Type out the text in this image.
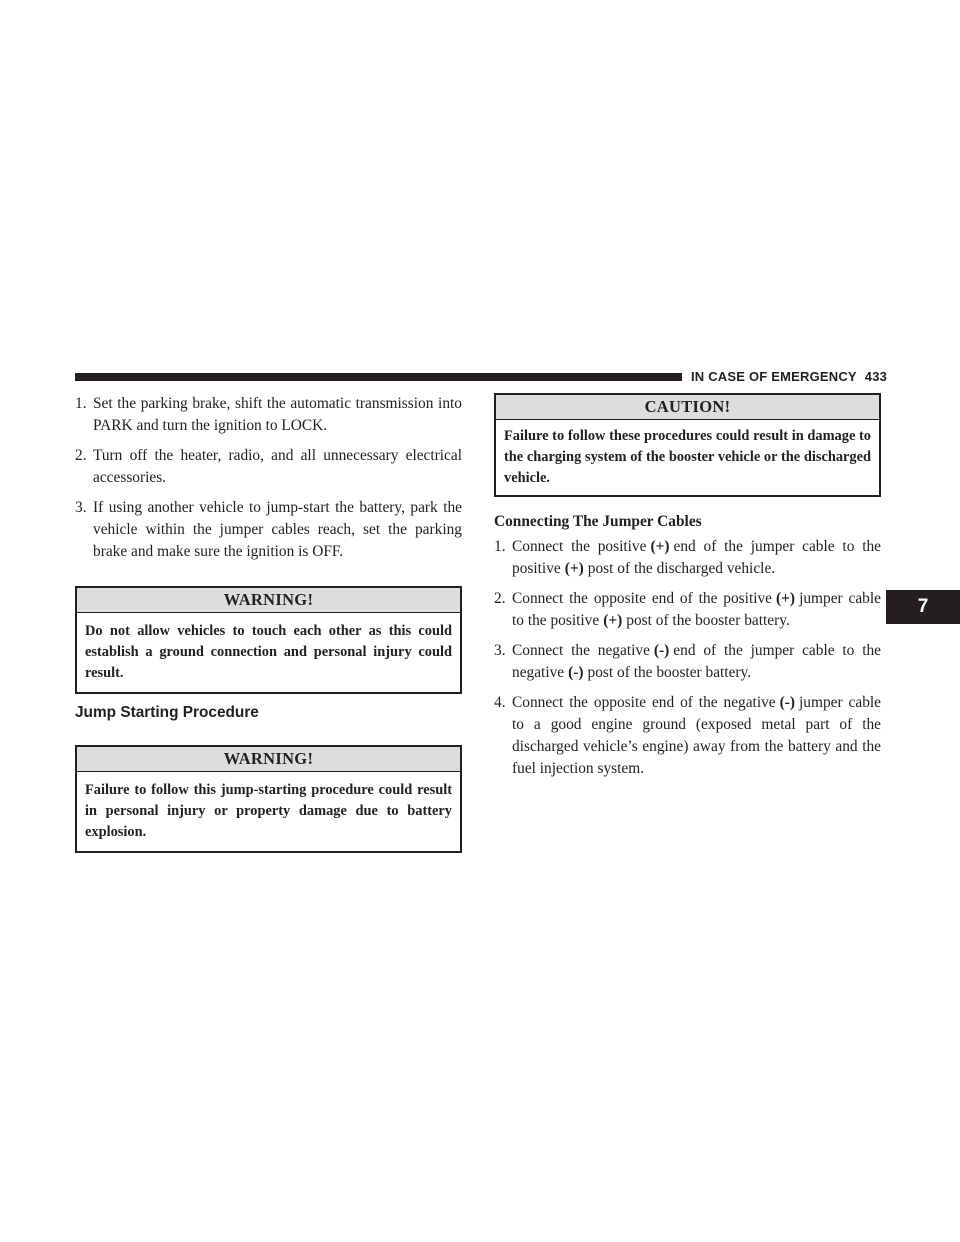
IN CASE OF EMERGENCY 433
7
1. Set the parking brake, shift the automatic transmission into PARK and turn the ignition to LOCK.
2. Turn off the heater, radio, and all unnecessary electrical accessories.
3. If using another vehicle to jump-start the battery, park the vehicle within the jumper cables reach, set the parking brake and make sure the ignition is OFF.
WARNING!
Do not allow vehicles to touch each other as this could establish a ground connection and personal injury could result.
Jump Starting Procedure
WARNING!
Failure to follow this jump-starting procedure could result in personal injury or property damage due to battery explosion.
CAUTION!
Failure to follow these procedures could result in damage to the charging system of the booster vehicle or the discharged vehicle.
Connecting The Jumper Cables
1. Connect the positive (+) end of the jumper cable to the positive (+) post of the discharged vehicle.
2. Connect the opposite end of the positive (+) jumper cable to the positive (+) post of the booster battery.
3. Connect the negative (-) end of the jumper cable to the negative (-) post of the booster battery.
4. Connect the opposite end of the negative (-) jumper cable to a good engine ground (exposed metal part of the discharged vehicle’s engine) away from the battery and the fuel injection system.
